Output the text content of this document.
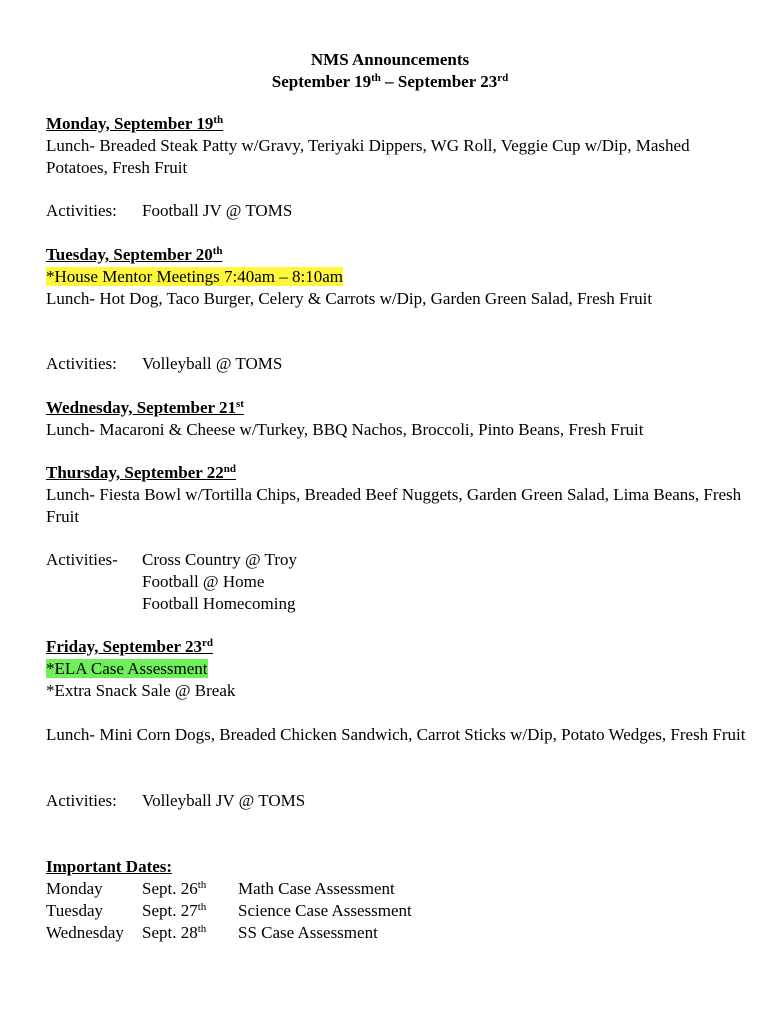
NMS Announcements
September 19th – September 23rd
Monday, September 19th
Lunch- Breaded Steak Patty w/Gravy, Teriyaki Dippers, WG Roll, Veggie Cup w/Dip, Mashed Potatoes, Fresh Fruit
Activities:	Football JV @ TOMS
Tuesday, September 20th
*House Mentor Meetings 7:40am – 8:10am
Lunch- Hot Dog, Taco Burger, Celery & Carrots w/Dip, Garden Green Salad, Fresh Fruit
Activities:	Volleyball @ TOMS
Wednesday, September 21st
Lunch- Macaroni & Cheese w/Turkey, BBQ Nachos, Broccoli, Pinto Beans, Fresh Fruit
Thursday, September 22nd
Lunch- Fiesta Bowl w/Tortilla Chips, Breaded Beef Nuggets, Garden Green Salad, Lima Beans, Fresh Fruit
Activities-	Cross Country @ Troy
Football @ Home
Football Homecoming
Friday, September 23rd
*ELA Case Assessment
*Extra Snack Sale @ Break
Lunch- Mini Corn Dogs, Breaded Chicken Sandwich, Carrot Sticks w/Dip, Potato Wedges, Fresh Fruit
Activities:	Volleyball JV @ TOMS
Important Dates:
Monday	Sept. 26th	Math Case Assessment
Tuesday	Sept. 27th	Science Case Assessment
Wednesday	Sept. 28th	SS Case Assessment
